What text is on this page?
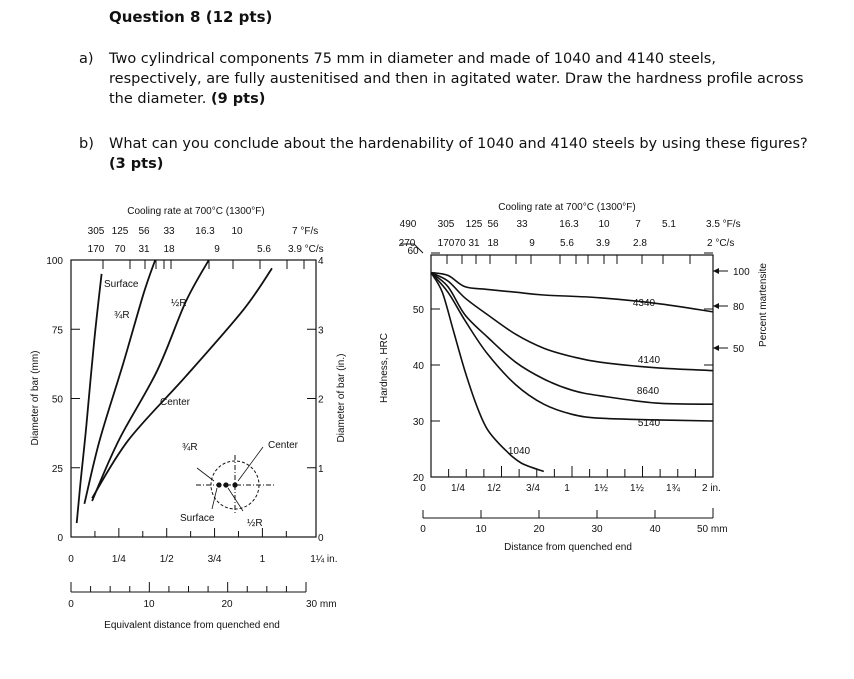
Question 8 (12 pts)
a) Two cylindrical components 75 mm in diameter and made of 1040 and 4140 steels, respectively, are fully austenitised and then in agitated water. Draw the hardness profile across the diameter. (9 pts)
b) What can you conclude about the hardenability of 1040 and 4140 steels by using these figures?
(3 pts)
Cooling rate at 700°C (1300°F)
305 125 56 33 16.3 10	7 °F/s
170 70 31 18	9	5.6 3.9 °C/s
0
25
50
75
100
0
1
2
3
4
0	1/4	1/2	3/4	1	1¼ in.
0	10	20	30 mm
Diameter of bar (mm)	Diameter of bar (in.)
Equivalent distance from quenched end
Surface
¾R
½R
Center
¾R	Center
Surface	½R
Cooling rate at 700°C (1300°F)
490 305 125 56 33	16.3 10	7 5.1	3.5 °F/s
270 170 70 31 18	9	5.6 3.9 2.8	2 °C/s
60
20
30
40
50
100
80
50
0	1/4 1/2	3/4 1 1½ 1½ 1¾ 2 in.
0	10	20	30	40	50 mm
Hardness, HRC
Percent martensite
Distance from quenched end
4340
4140
8640
5140
1040
